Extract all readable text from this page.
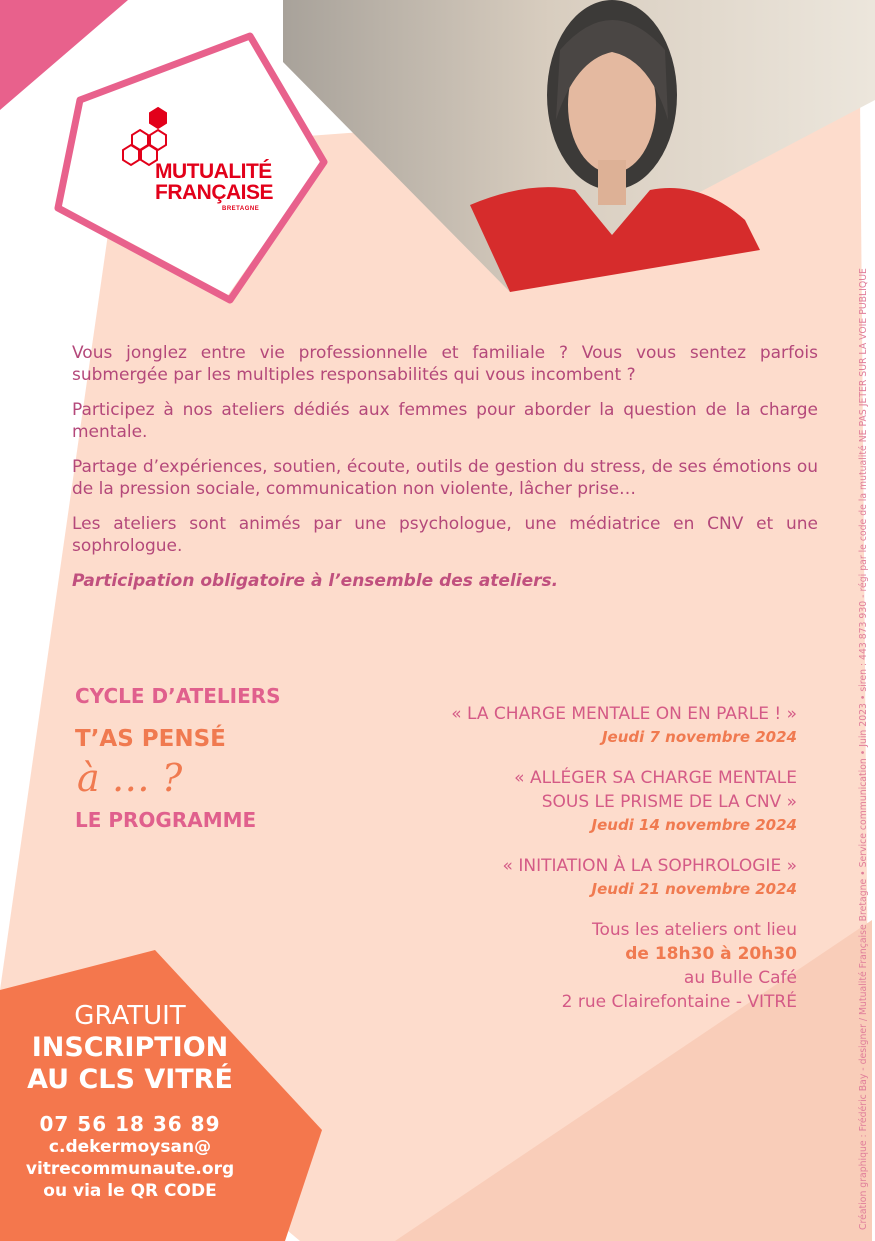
MUTUALITÉ
FRANÇAISE
BRETAGNE

Vous jonglez entre vie professionnelle et familiale ? Vous vous sentez parfois submergée par les multiples responsabilités qui vous incombent ?

Participez à nos ateliers dédiés aux femmes pour aborder la question de la charge mentale.

Partage d’expériences, soutien, écoute, outils de gestion du stress, de ses émotions ou de la pression sociale, communication non violente, lâcher prise…

Les ateliers sont animés par une psychologue, une médiatrice en CNV et une sophrologue.

Participation obligatoire à l’ensemble des ateliers.

CYCLE D’ATELIERS
T’AS PENSÉ
à … ?
LE PROGRAMME
« LA CHARGE MENTALE ON EN PARLE ! »
Jeudi 7 novembre 2024
« ALLÉGER SA CHARGE MENTALE
SOUS LE PRISME DE LA CNV »
Jeudi 14 novembre 2024
« INITIATION À LA SOPHROLOGIE »
Jeudi 21 novembre 2024
Tous les ateliers ont lieu
de 18h30 à 20h30
au Bulle Café
2 rue Clairefontaine - VITRÉ
GRATUIT
INSCRIPTION
AU CLS VITRÉ
07 56 18 36 89
c.dekermoysan@
vitrecommunaute.org
ou via le QR CODE	Création graphique : Frédéric Bay - designer / Mutualité Française Bretagne • Service communication • Juin 2023 • siren : 443 873 930 - régi par le code de la mutualité NE PAS JETER SUR LA VOIE PUBLIQUE
